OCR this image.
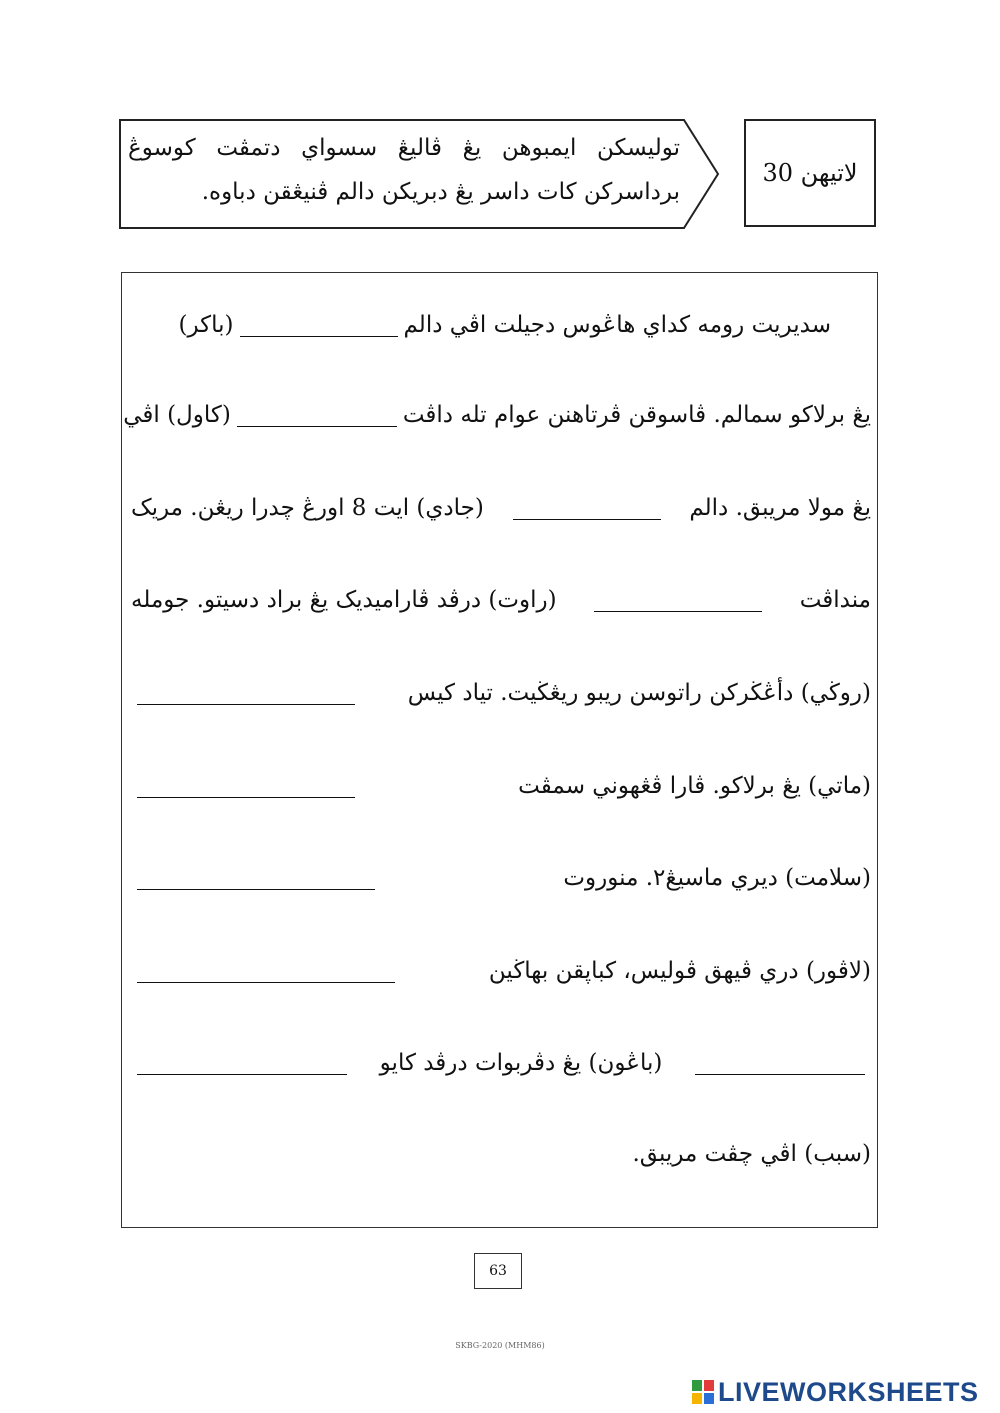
توليسكن ايمبوهن يڠ ڤاليڠ سسواي دتمڤت كوسوڠ برداسركن كات داسر يڠ دبريكن دالم ڤنيڠقن دباوه.
لاتيهن 30
سديريت رومه كداي هاڠوس دجيلت اڤي دالم
(باكر)
يڠ برلاكو سمالم. ڤاسوقن ڤرتاهنن عوام تله داڤت
(كاول) اڤي
يڠ مولا مريبق. دالم
(جادي) ايت 8 اورڠ چدرا ريڠن. مريک
منداڤت
(راوت) درڤد ڤاراميديک يڠ براد دسيتو. جومله
(روڬي) دأڠڬركن راتوسن ريبو ريڠڬيت. تياد كيس
(ماتي) يڠ برلاكو. ڤارا ڤڠهوني سمڤت
(سلامت) ديري ماسيڠ٢. منوروت
(لاڤور) دري ڤيهق ڤوليس، كباپقن بهاڬين
(باڠون) يڠ دڤربوات درڤد كايو
(سبب) اڤي چڤت مريبق.
63
SKBG-2020 (MHM86)
LIVEWORKSHEETS
